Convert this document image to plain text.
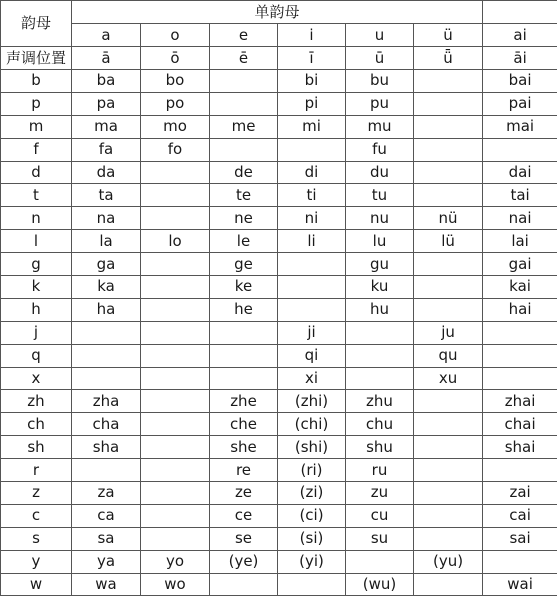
韵母	单韵母						
	a	o	e	i	u	ü	ai
声调位置	ā	ō	ē	ī	ū	ǖ	āi
b	ba	bo		bi	bu		bai
p	pa	po		pi	pu		pai
m	ma	mo	me	mi	mu		mai
f	fa	fo			fu		
d	da		de	di	du		dai
t	ta		te	ti	tu		tai
n	na		ne	ni	nu	nü	nai
l	la	lo	le	li	lu	lü	lai
g	ga		ge		gu		gai
k	ka		ke		ku		kai
h	ha		he		hu		hai
j				ji		ju	
q				qi		qu	
x				xi		xu	
zh	zha		zhe	(zhi)	zhu		zhai
ch	cha		che	(chi)	chu		chai
sh	sha		she	(shi)	shu		shai
r			re	(ri)	ru		
z	za		ze	(zi)	zu		zai
c	ca		ce	(ci)	cu		cai
s	sa		se	(si)	su		sai
y	ya	yo	(ye)	(yi)		(yu)	
w	wa	wo			(wu)		wai
